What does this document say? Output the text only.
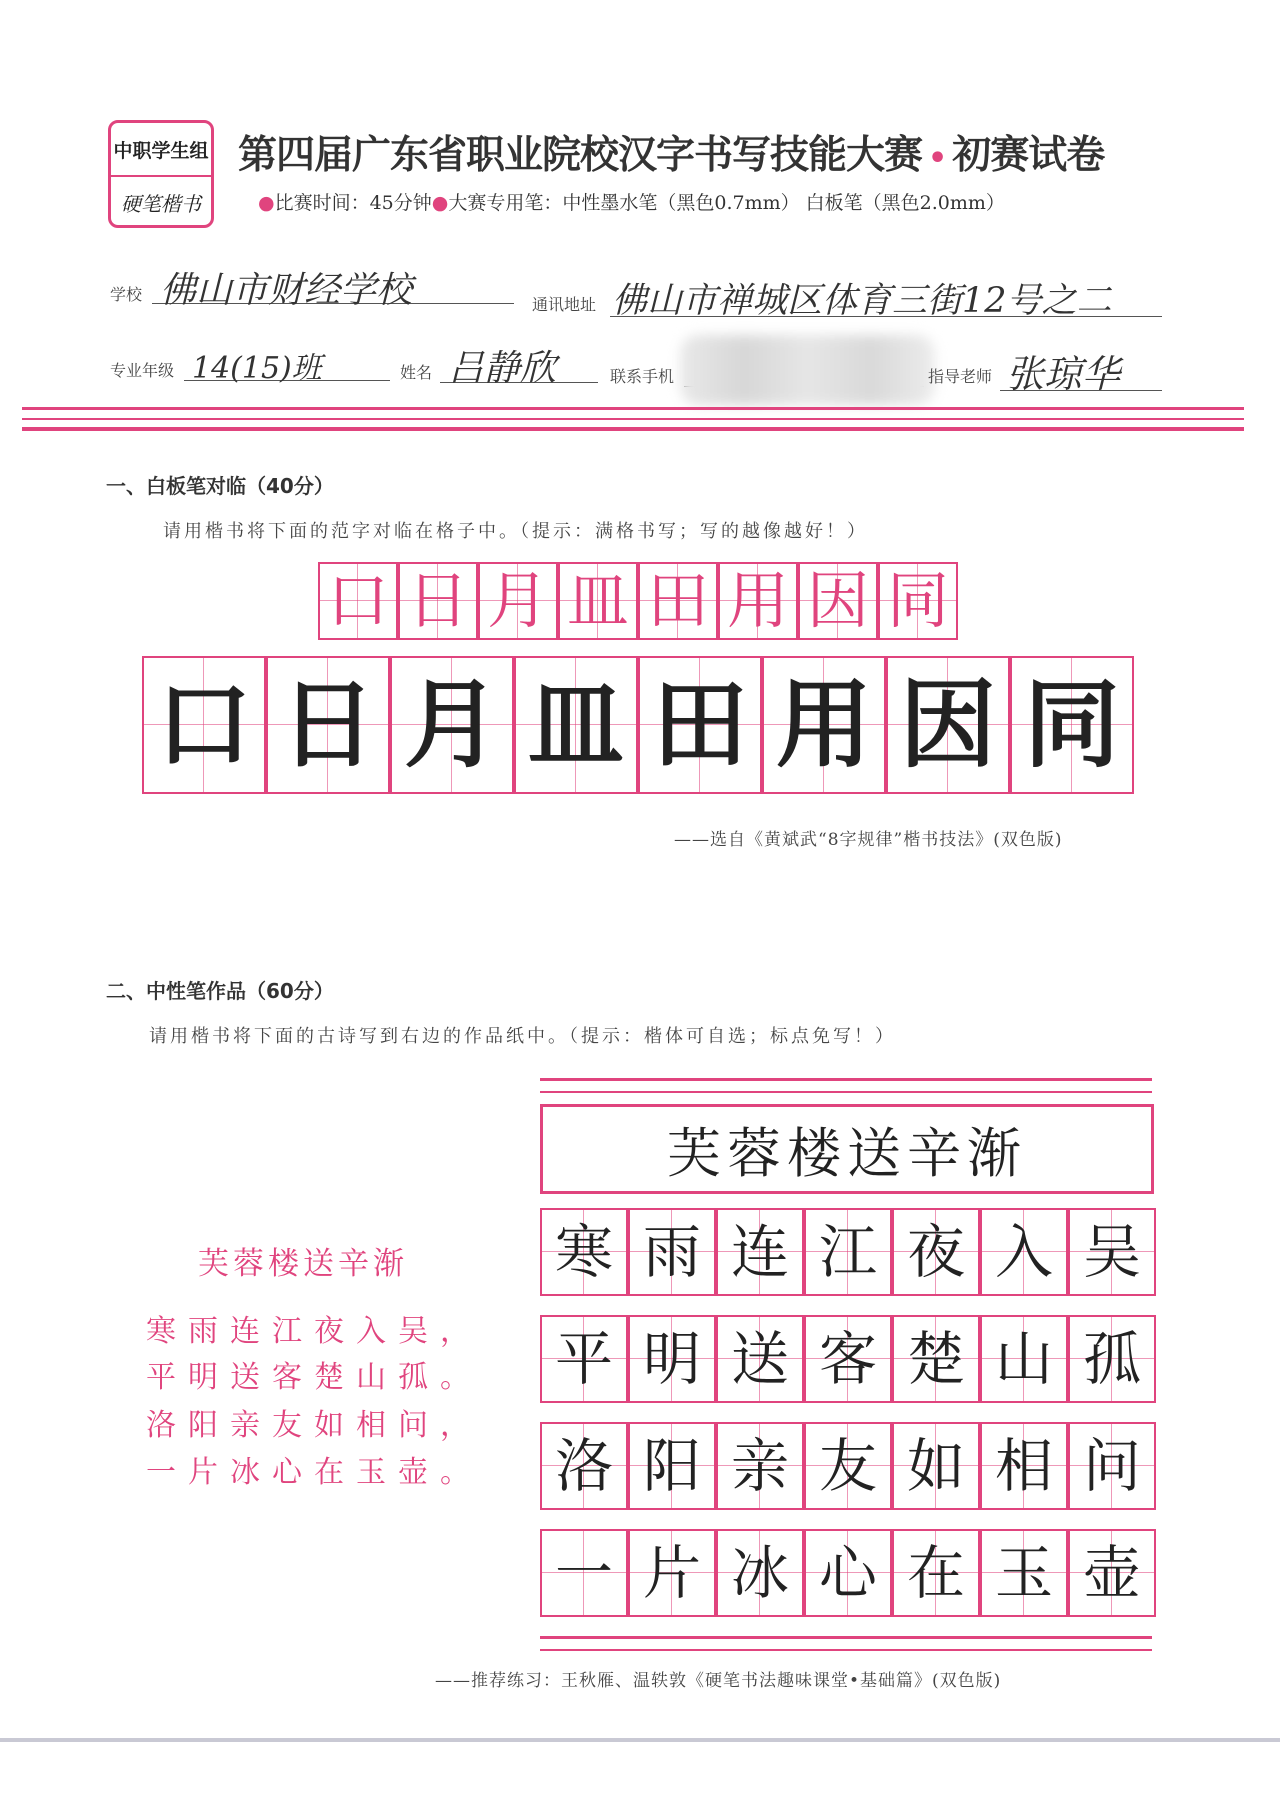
中职学生组
硬笔楷书
第四届广东省职业院校汉字书写技能大赛 • 初赛试卷
●比赛时间：45分钟●大赛专用笔：中性墨水笔（黑色0.7mm） 白板笔（黑色2.0mm）
学校 佛山市财经学校	通讯地址 佛山市禅城区体育三街12号之二
专业年级 14(15)班	姓名 吕静欣	联系手机	指导老师 张琼华
一、白板笔对临（40分）
请用楷书将下面的范字对临在格子中。（提示：满格书写；写的越像越好！）
口 日 月 皿 田 用 因 同
口 日 月 皿 田 用 因 同
——选自《黄斌武“8字规律”楷书技法》(双色版)
二、中性笔作品（60分）
请用楷书将下面的古诗写到右边的作品纸中。（提示：楷体可自选；标点免写！）
芙蓉楼送辛渐
寒雨连江夜入吴，
平明送客楚山孤。
洛阳亲友如相问，
一片冰心在玉壶。
芙蓉楼送辛渐
寒 雨 连 江 夜 入 吴
平 明 送 客 楚 山 孤
洛 阳 亲 友 如 相 问
一 片 冰 心 在 玉 壶
——推荐练习：王秋雁、温轶敦《硬笔书法趣味课堂•基础篇》(双色版)
